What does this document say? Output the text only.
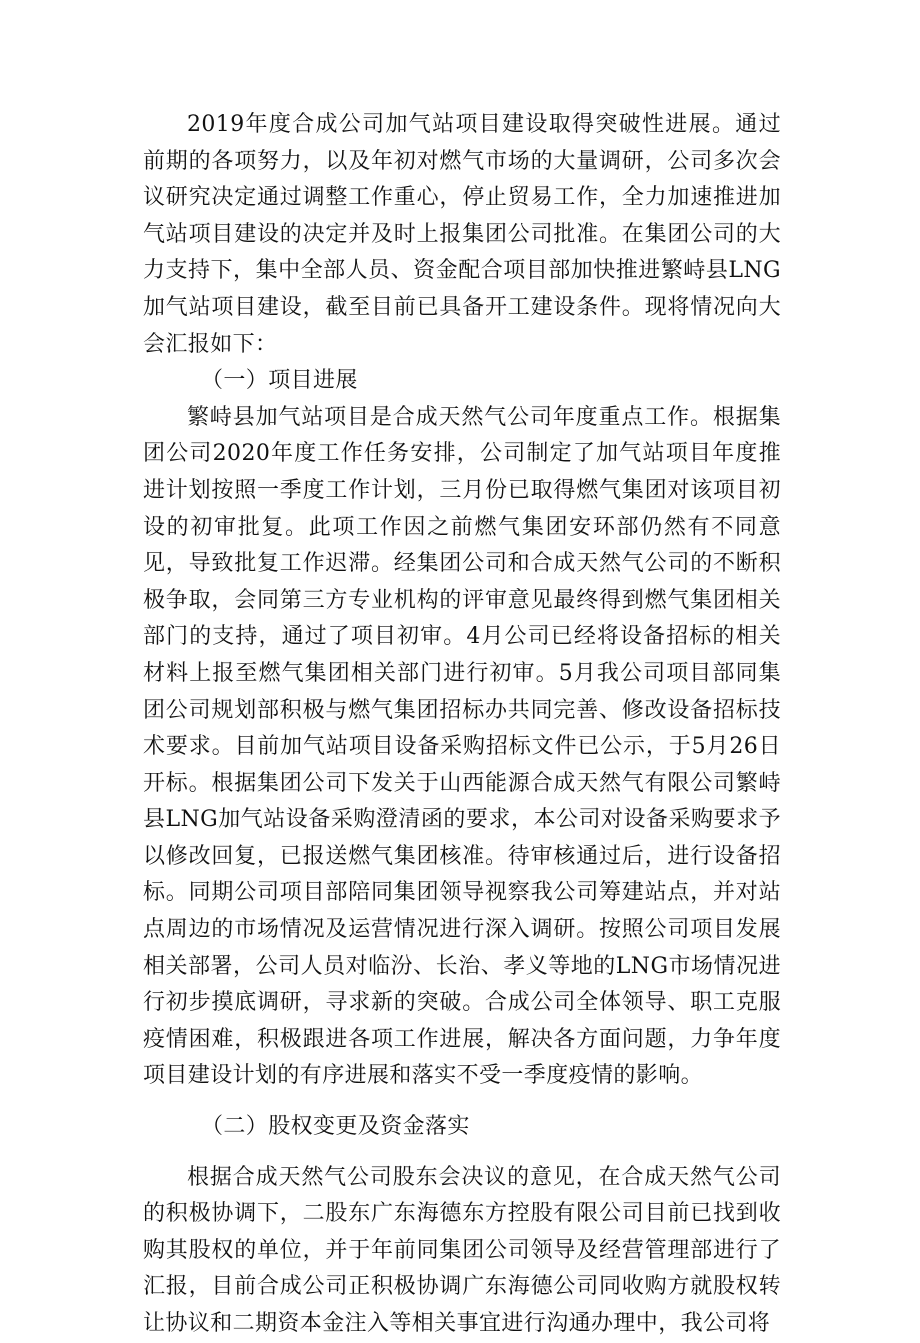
2019年度合成公司加气站项目建设取得突破性进展。通过前期的各项努力，以及年初对燃气市场的大量调研，公司多次会议研究决定通过调整工作重心，停止贸易工作，全力加速推进加气站项目建设的决定并及时上报集团公司批准。在集团公司的大力支持下，集中全部人员、资金配合项目部加快推进繁峙县LNG加气站项目建设，截至目前已具备开工建设条件。现将情况向大会汇报如下：

（一）项目进展

繁峙县加气站项目是合成天然气公司年度重点工作。根据集团公司2020年度工作任务安排，公司制定了加气站项目年度推进计划按照一季度工作计划，三月份已取得燃气集团对该项目初设的初审批复。此项工作因之前燃气集团安环部仍然有不同意见，导致批复工作迟滞。经集团公司和合成天然气公司的不断积极争取，会同第三方专业机构的评审意见最终得到燃气集团相关部门的支持，通过了项目初审。4月公司已经将设备招标的相关材料上报至燃气集团相关部门进行初审。5月我公司项目部同集团公司规划部积极与燃气集团招标办共同完善、修改设备招标技术要求。目前加气站项目设备采购招标文件已公示，于5月26日开标。根据集团公司下发关于山西能源合成天然气有限公司繁峙县LNG加气站设备采购澄清函的要求，本公司对设备采购要求予以修改回复，已报送燃气集团核准。待审核通过后，进行设备招标。同期公司项目部陪同集团领导视察我公司筹建站点，并对站点周边的市场情况及运营情况进行深入调研。按照公司项目发展相关部署，公司人员对临汾、长治、孝义等地的LNG市场情况进行初步摸底调研，寻求新的突破。合成公司全体领导、职工克服疫情困难，积极跟进各项工作进展，解决各方面问题，力争年度项目建设计划的有序进展和落实不受一季度疫情的影响。

（二）股权变更及资金落实

根据合成天然气公司股东会决议的意见，在合成天然气公司的积极协调下，二股东广东海德东方控股有限公司目前已找到收购其股权的单位，并于年前同集团公司领导及经营管理部进行了汇报，目前合成公司正积极协调广东海德公司同收购方就股权转让协议和二期资本金注入等相关事宜进行沟通办理中，我公司将
